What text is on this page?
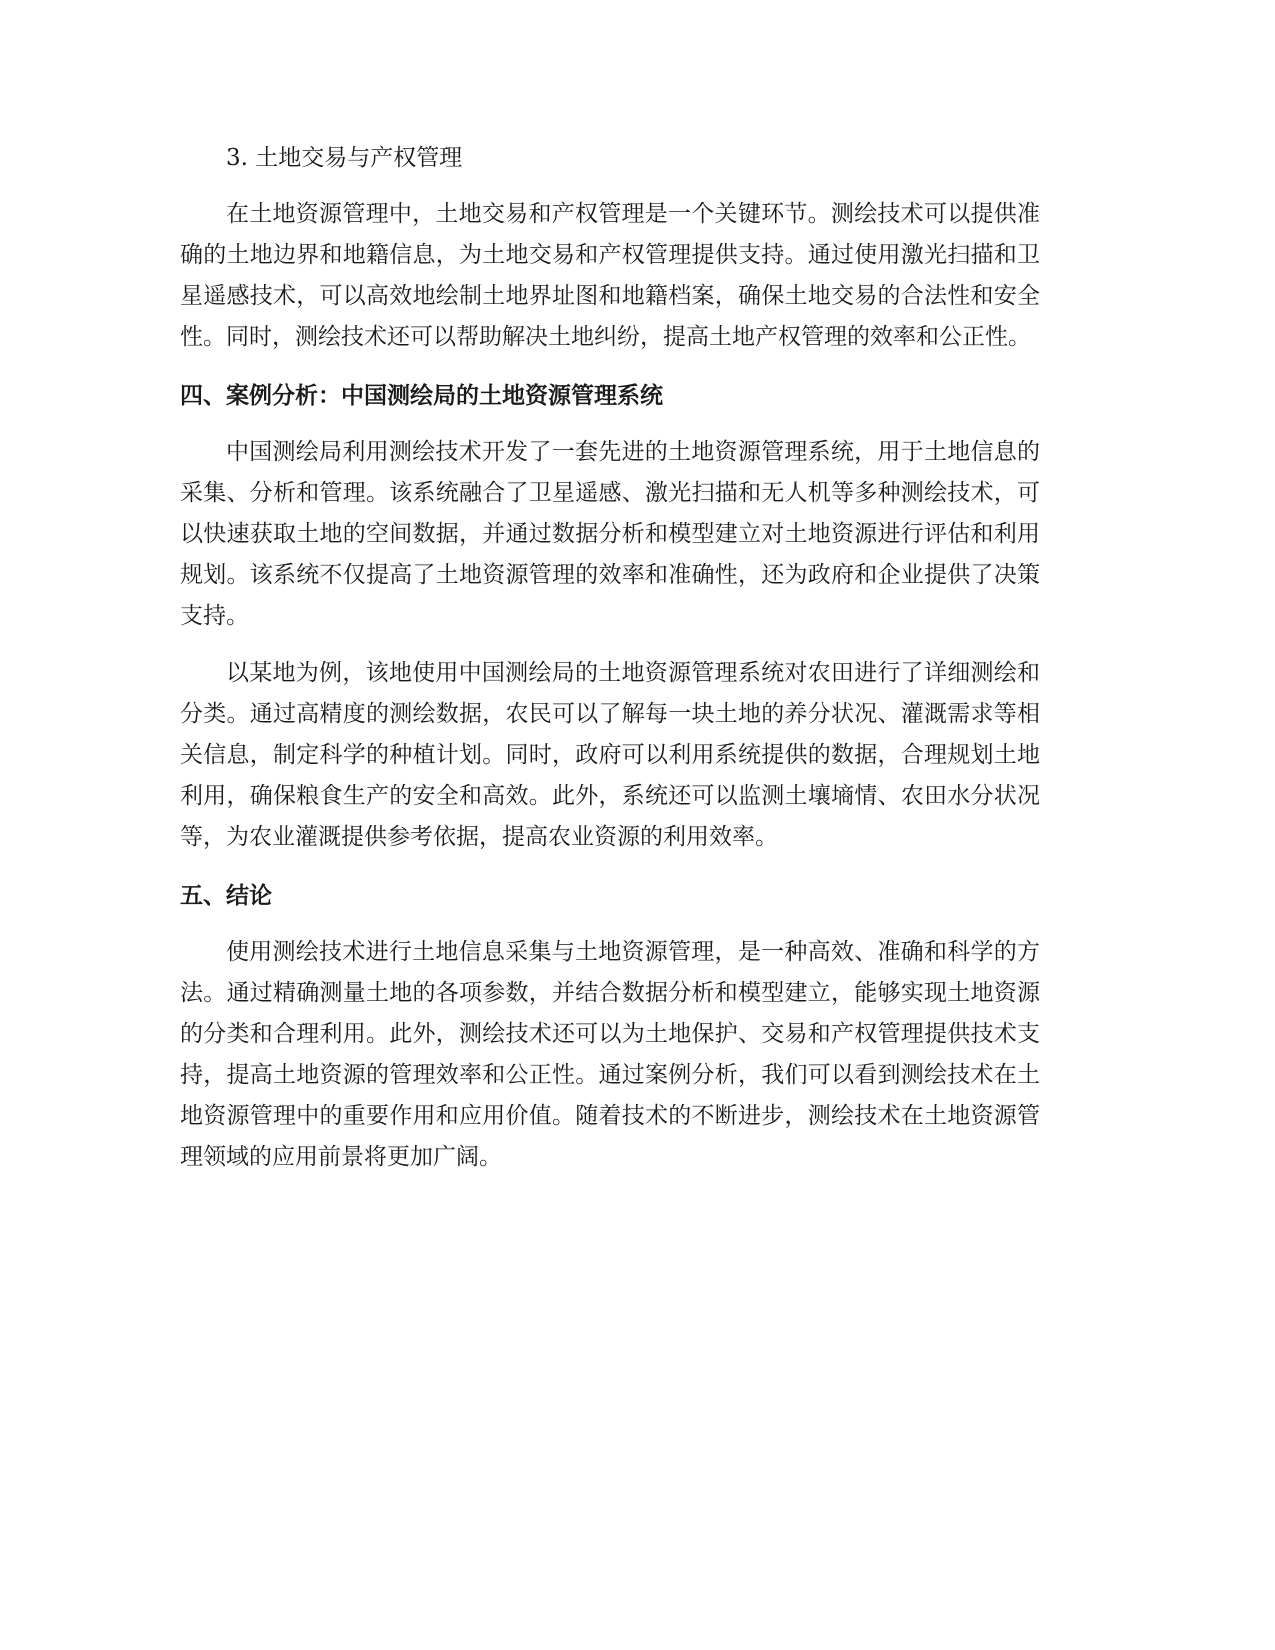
3. 土地交易与产权管理

在土地资源管理中，土地交易和产权管理是一个关键环节。测绘技术可以提供准确的土地边界和地籍信息，为土地交易和产权管理提供支持。通过使用激光扫描和卫星遥感技术，可以高效地绘制土地界址图和地籍档案，确保土地交易的合法性和安全性。同时，测绘技术还可以帮助解决土地纠纷，提高土地产权管理的效率和公正性。

四、案例分析：中国测绘局的土地资源管理系统

中国测绘局利用测绘技术开发了一套先进的土地资源管理系统，用于土地信息的采集、分析和管理。该系统融合了卫星遥感、激光扫描和无人机等多种测绘技术，可以快速获取土地的空间数据，并通过数据分析和模型建立对土地资源进行评估和利用规划。该系统不仅提高了土地资源管理的效率和准确性，还为政府和企业提供了决策支持。

以某地为例，该地使用中国测绘局的土地资源管理系统对农田进行了详细测绘和分类。通过高精度的测绘数据，农民可以了解每一块土地的养分状况、灌溉需求等相关信息，制定科学的种植计划。同时，政府可以利用系统提供的数据，合理规划土地利用，确保粮食生产的安全和高效。此外，系统还可以监测土壤墒情、农田水分状况等，为农业灌溉提供参考依据，提高农业资源的利用效率。

五、结论

使用测绘技术进行土地信息采集与土地资源管理，是一种高效、准确和科学的方法。通过精确测量土地的各项参数，并结合数据分析和模型建立，能够实现土地资源的分类和合理利用。此外，测绘技术还可以为土地保护、交易和产权管理提供技术支持，提高土地资源的管理效率和公正性。通过案例分析，我们可以看到测绘技术在土地资源管理中的重要作用和应用价值。随着技术的不断进步，测绘技术在土地资源管理领域的应用前景将更加广阔。
